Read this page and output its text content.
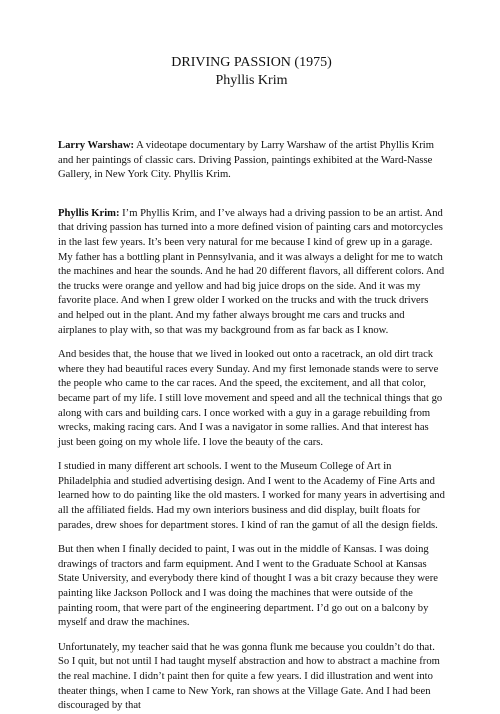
DRIVING PASSION (1975)
Phyllis Krim

Larry Warshaw: A videotape documentary by Larry Warshaw of the artist Phyllis Krim and her paintings of classic cars. Driving Passion, paintings exhibited at the Ward-Nasse Gallery, in New York City. Phyllis Krim.

Phyllis Krim: I’m Phyllis Krim, and I’ve always had a driving passion to be an artist. And that driving passion has turned into a more defined vision of painting cars and motorcycles in the last few years. It’s been very natural for me because I kind of grew up in a garage. My father has a bottling plant in Pennsylvania, and it was always a delight for me to watch the machines and hear the sounds. And he had 20 different flavors, all different colors. And the trucks were orange and yellow and had big juice drops on the side. And it was my favorite place. And when I grew older I worked on the trucks and with the truck drivers and helped out in the plant. And my father always brought me cars and trucks and airplanes to play with, so that was my background from as far back as I know.

And besides that, the house that we lived in looked out onto a racetrack, an old dirt track where they had beautiful races every Sunday. And my first lemonade stands were to serve the people who came to the car races. And the speed, the excitement, and all that color, became part of my life. I still love movement and speed and all the technical things that go along with cars and building cars. I once worked with a guy in a garage rebuilding from wrecks, making racing cars. And I was a navigator in some rallies. And that interest has just been going on my whole life. I love the beauty of the cars.

I studied in many different art schools. I went to the Museum College of Art in Philadelphia and studied advertising design. And I went to the Academy of Fine Arts and learned how to do painting like the old masters. I worked for many years in advertising and all the affiliated fields. Had my own interiors business and did display, built floats for parades, drew shoes for department stores. I kind of ran the gamut of all the design fields.

But then when I finally decided to paint, I was out in the middle of Kansas. I was doing drawings of tractors and farm equipment. And I went to the Graduate School at Kansas State University, and everybody there kind of thought I was a bit crazy because they were painting like Jackson Pollock and I was doing the machines that were outside of the painting room, that were part of the engineering department. I’d go out on a balcony by myself and draw the machines.

Unfortunately, my teacher said that he was gonna flunk me because you couldn’t do that. So I quit, but not until I had taught myself abstraction and how to abstract a machine from the real machine. I didn’t paint then for quite a few years. I did illustration and went into theater things, when I came to New York, ran shows at the Village Gate. And I had been discouraged by that
